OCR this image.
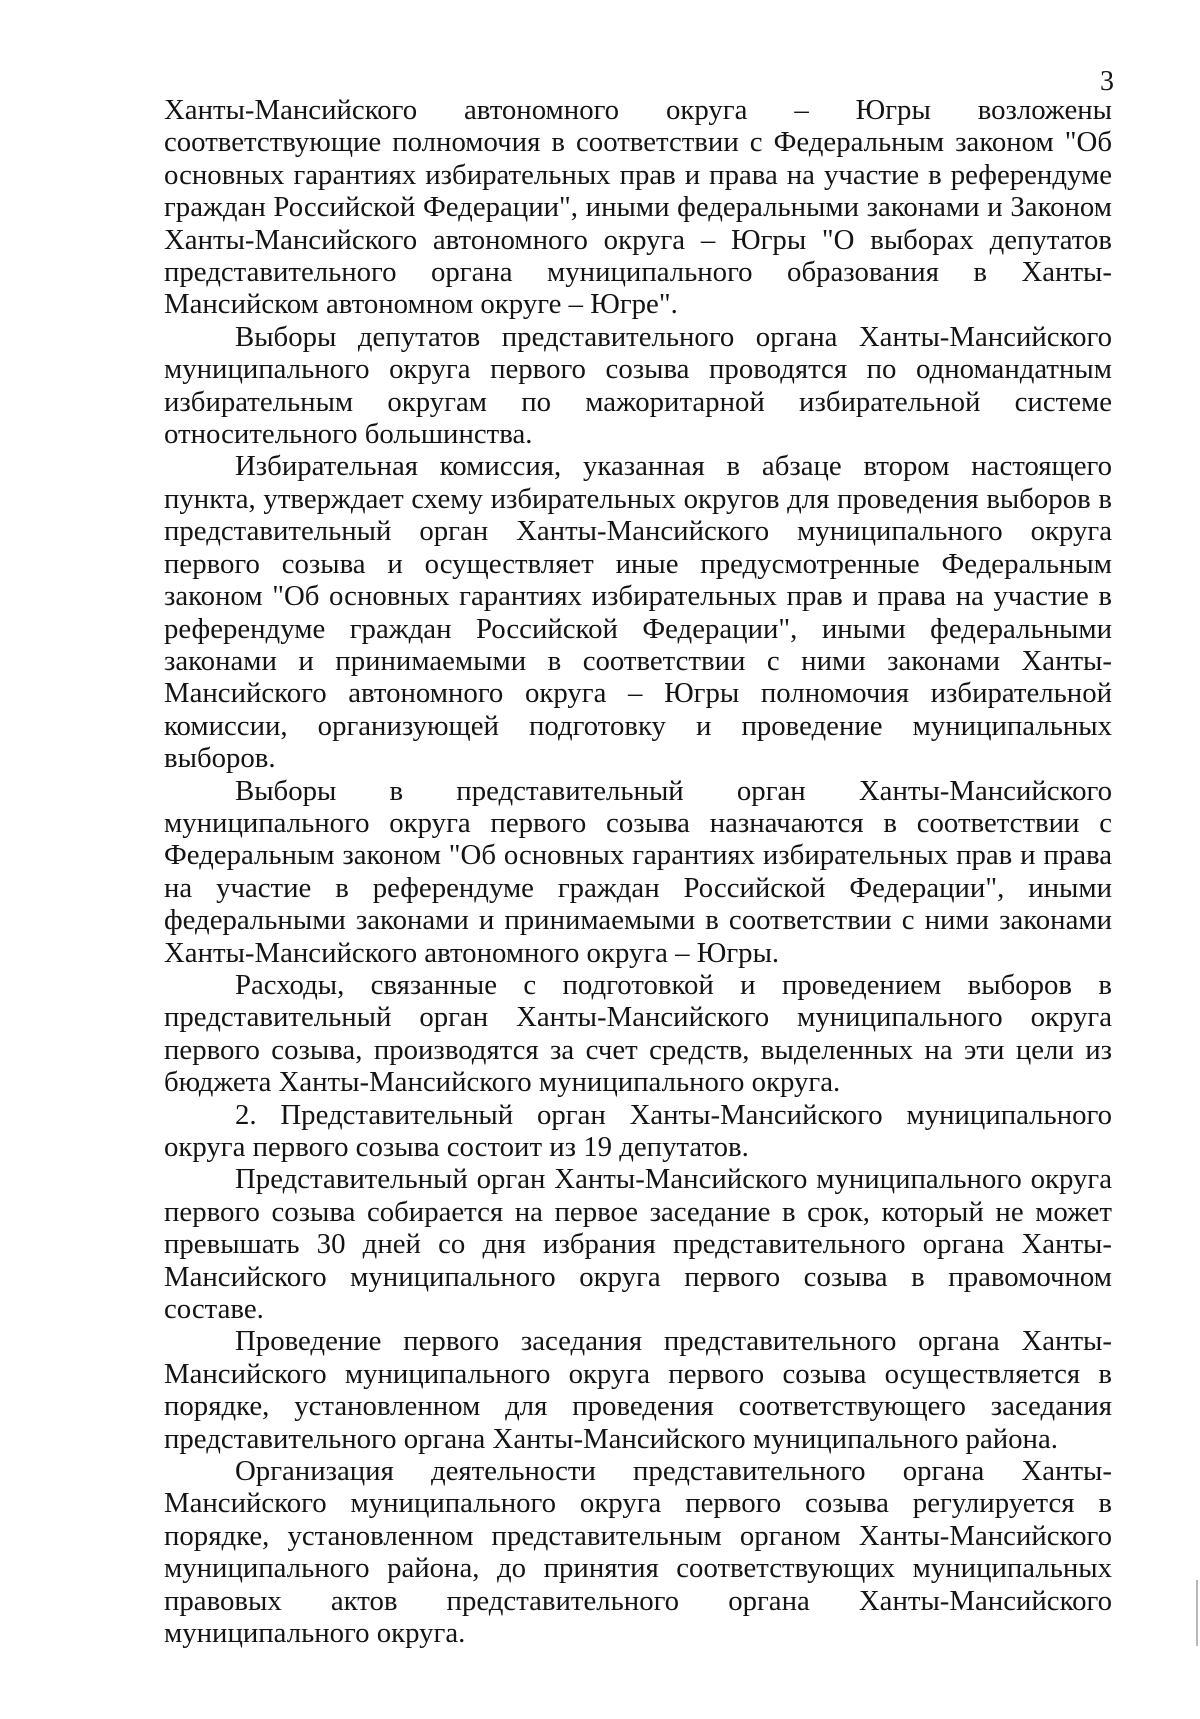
3

Ханты-Мансийского автономного округа – Югры возложены соответствующие полномочия в соответствии с Федеральным законом "Об основных гарантиях избирательных прав и права на участие в референдуме граждан Российской Федерации", иными федеральными законами и Законом Ханты-Мансийского автономного округа – Югры "О выборах депутатов представительного органа муниципального образования в Ханты-Мансийском автономном округе – Югре".

Выборы депутатов представительного органа Ханты-Мансийского муниципального округа первого созыва проводятся по одномандатным избирательным округам по мажоритарной избирательной системе относительного большинства.

Избирательная комиссия, указанная в абзаце втором настоящего пункта, утверждает схему избирательных округов для проведения выборов в представительный орган Ханты-Мансийского муниципального округа первого созыва и осуществляет иные предусмотренные Федеральным законом "Об основных гарантиях избирательных прав и права на участие в референдуме граждан Российской Федерации", иными федеральными законами и принимаемыми в соответствии с ними законами Ханты-Мансийского автономного округа – Югры полномочия избирательной комиссии, организующей подготовку и проведение муниципальных выборов.

Выборы в представительный орган Ханты-Мансийского муниципального округа первого созыва назначаются в соответствии с Федеральным законом "Об основных гарантиях избирательных прав и права на участие в референдуме граждан Российской Федерации", иными федеральными законами и принимаемыми в соответствии с ними законами Ханты-Мансийского автономного округа – Югры.

Расходы, связанные с подготовкой и проведением выборов в представительный орган Ханты-Мансийского муниципального округа первого созыва, производятся за счет средств, выделенных на эти цели из бюджета Ханты-Мансийского муниципального округа.

2. Представительный орган Ханты-Мансийского муниципального округа первого созыва состоит из 19 депутатов.

Представительный орган Ханты-Мансийского муниципального округа первого созыва собирается на первое заседание в срок, который не может превышать 30 дней со дня избрания представительного органа Ханты-Мансийского муниципального округа первого созыва в правомочном составе.

Проведение первого заседания представительного органа Ханты-Мансийского муниципального округа первого созыва осуществляется в порядке, установленном для проведения соответствующего заседания представительного органа Ханты-Мансийского муниципального района.

Организация деятельности представительного органа Ханты-Мансийского муниципального округа первого созыва регулируется в порядке, установленном представительным органом Ханты-Мансийского муниципального района, до принятия соответствующих муниципальных правовых актов представительного органа Ханты-Мансийского муниципального округа.
